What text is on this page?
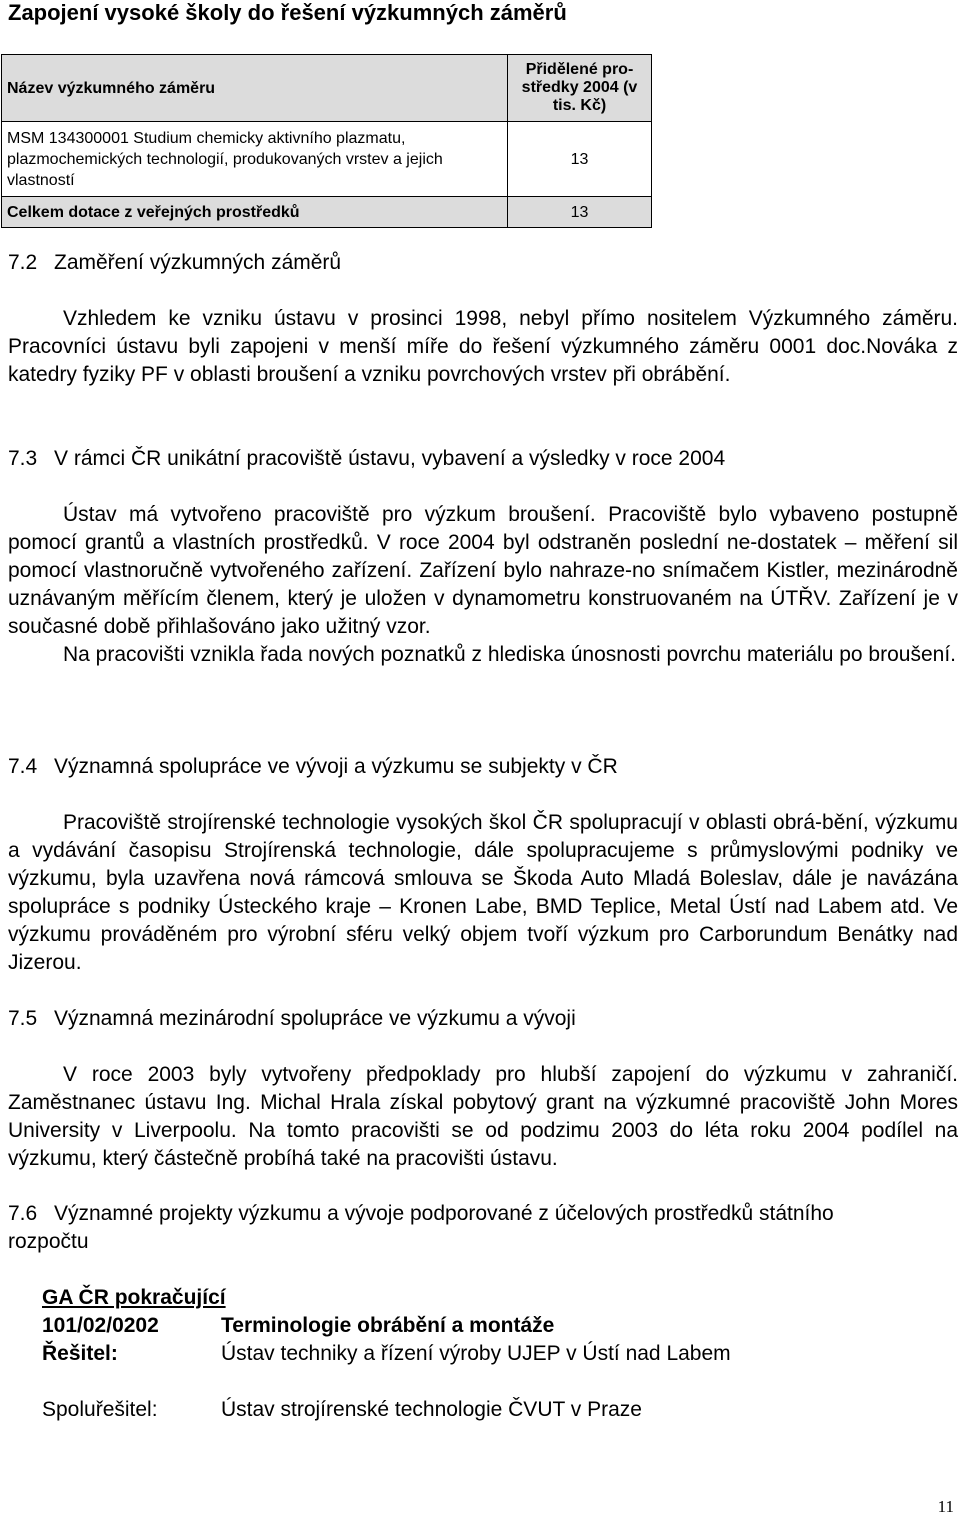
Zapojení vysoké školy do řešení výzkumných záměrů
Název výzkumného záměru	Přidělené pro-středky 2004 (v tis. Kč)
MSM 134300001 Studium chemicky aktivního plazmatu, plazmochemických technologií, produkovaných vrstev a jejich vlastností	13
Celkem dotace z veřejných prostředků	13
7.2 Zaměření výzkumných záměrů
Vzhledem ke vzniku ústavu v prosinci 1998, nebyl přímo nositelem Výzkumného záměru. Pracovníci ústavu byli zapojeni v menší míře do řešení výzkumného záměru 0001 doc.Nováka z katedry fyziky PF v oblasti broušení a vzniku povrchových vrstev při obrábění.
7.3 V rámci ČR unikátní pracoviště ústavu, vybavení a výsledky v roce 2004
Ústav má vytvořeno pracoviště pro výzkum broušení. Pracoviště bylo vybaveno postupně pomocí grantů a vlastních prostředků. V roce 2004 byl odstraněn poslední ne-dostatek – měření sil pomocí vlastnoručně vytvořeného zařízení. Zařízení bylo nahraze-no snímačem Kistler, mezinárodně uznávaným měřícím členem, který je uložen v dynamometru konstruovaném na ÚTŘV. Zařízení je v současné době přihlašováno jako užitný vzor.
Na pracovišti vznikla řada nových poznatků z hlediska únosnosti povrchu materiálu po broušení.
7.4 Významná spolupráce ve vývoji a výzkumu se subjekty v ČR
Pracoviště strojírenské technologie vysokých škol ČR spolupracují v oblasti obrá-bění, výzkumu a vydávání časopisu Strojírenská technologie, dále spolupracujeme s průmyslovými podniky ve výzkumu, byla uzavřena nová rámcová smlouva se Škoda Auto Mladá Boleslav, dále je navázána spolupráce s podniky Ústeckého kraje – Kronen Labe, BMD Teplice, Metal Ústí nad Labem atd. Ve výzkumu prováděném pro výrobní sféru velký objem tvoří výzkum pro Carborundum Benátky nad Jizerou.
7.5 Významná mezinárodní spolupráce ve výzkumu a vývoji
V roce 2003 byly vytvořeny předpoklady pro hlubší zapojení do výzkumu v zahraničí. Zaměstnanec ústavu Ing. Michal Hrala získal pobytový grant na výzkumné pracoviště John Mores University v Liverpoolu. Na tomto pracovišti se od podzimu 2003 do léta roku 2004 podílel na výzkumu, který částečně probíhá také na pracovišti ústavu.
7.6 Významné projekty výzkumu a vývoje podporované z účelových prostředků státního
rozpočtu
GA ČR pokračující
101/02/0202	Terminologie obrábění a montáže
Řešitel:	Ústav techniky a řízení výroby UJEP v Ústí nad Labem
Spoluřešitel:	Ústav strojírenské technologie ČVUT v Praze
11
